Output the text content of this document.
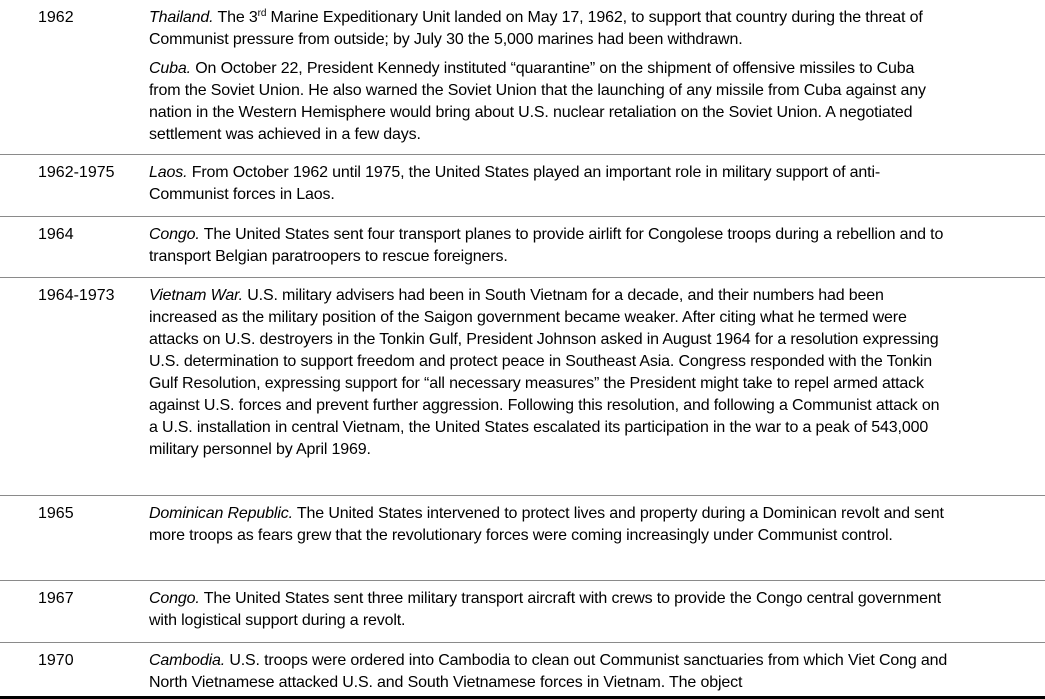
1962	Thailand. The 3rd Marine Expeditionary Unit landed on May 17, 1962, to support that country during the threat of Communist pressure from outside; by July 30 the 5,000 marines had been withdrawn.
Cuba. On October 22, President Kennedy instituted “quarantine” on the shipment of offensive missiles to Cuba from the Soviet Union. He also warned the Soviet Union that the launching of any missile from Cuba against any nation in the Western Hemisphere would bring about U.S. nuclear retaliation on the Soviet Union. A negotiated settlement was achieved in a few days.
1962-1975	Laos. From October 1962 until 1975, the United States played an important role in military support of anti-Communist forces in Laos.
1964	Congo. The United States sent four transport planes to provide airlift for Congolese troops during a rebellion and to transport Belgian paratroopers to rescue foreigners.
1964-1973	Vietnam War. U.S. military advisers had been in South Vietnam for a decade, and their numbers had been increased as the military position of the Saigon government became weaker. After citing what he termed were attacks on U.S. destroyers in the Tonkin Gulf, President Johnson asked in August 1964 for a resolution expressing U.S. determination to support freedom and protect peace in Southeast Asia. Congress responded with the Tonkin Gulf Resolution, expressing support for “all necessary measures” the President might take to repel armed attack against U.S. forces and prevent further aggression. Following this resolution, and following a Communist attack on a U.S. installation in central Vietnam, the United States escalated its participation in the war to a peak of 543,000 military personnel by April 1969.
1965	Dominican Republic. The United States intervened to protect lives and property during a Dominican revolt and sent more troops as fears grew that the revolutionary forces were coming increasingly under Communist control.
1967	Congo. The United States sent three military transport aircraft with crews to provide the Congo central government with logistical support during a revolt.
1970	Cambodia. U.S. troops were ordered into Cambodia to clean out Communist sanctuaries from which Viet Cong and North Vietnamese attacked U.S. and South Vietnamese forces in Vietnam. The object
